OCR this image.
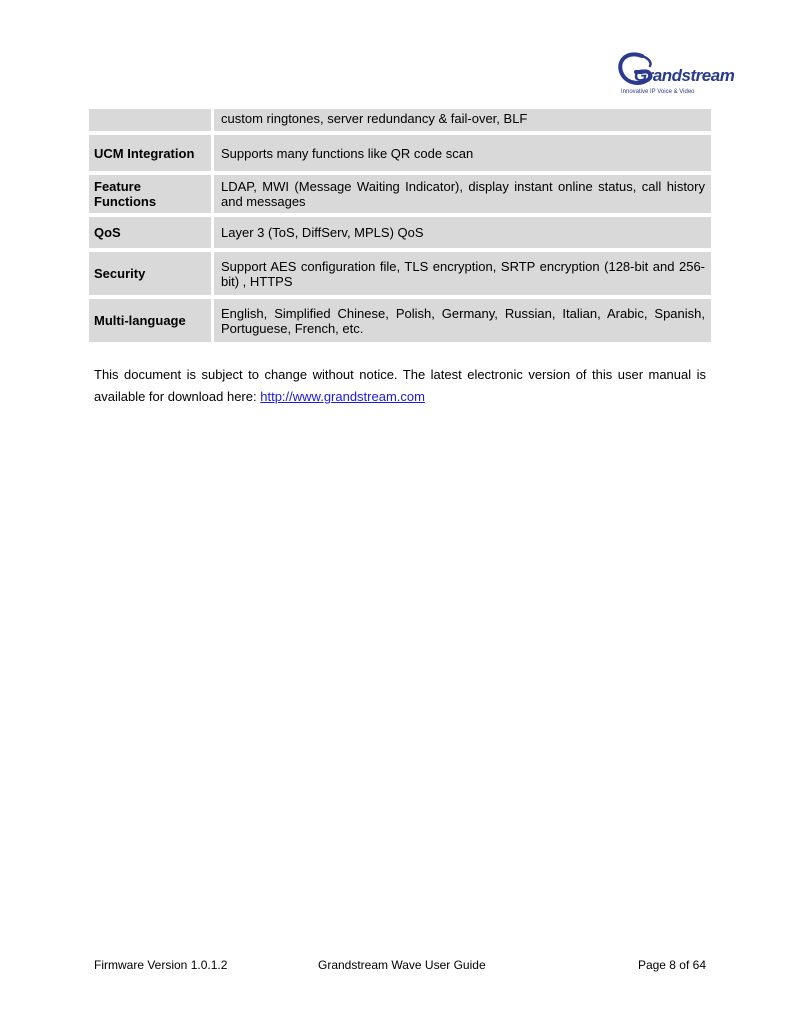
Grandstream
Innovative IP Voice & Video
	custom ringtones, server redundancy & fail-over, BLF
UCM Integration	Supports many functions like QR code scan
Feature Functions	LDAP, MWI (Message Waiting Indicator), display instant online status, call history and messages
QoS	Layer 3 (ToS, DiffServ, MPLS) QoS
Security	Support AES configuration file, TLS encryption, SRTP encryption (128-bit and 256-bit) , HTTPS
Multi-language	English, Simplified Chinese, Polish, Germany, Russian, Italian, Arabic, Spanish, Portuguese, French, etc.
This document is subject to change without notice. The latest electronic version of this user manual is available for download here: http://www.grandstream.com
Firmware Version 1.0.1.2	Grandstream Wave User Guide	Page 8 of 64
